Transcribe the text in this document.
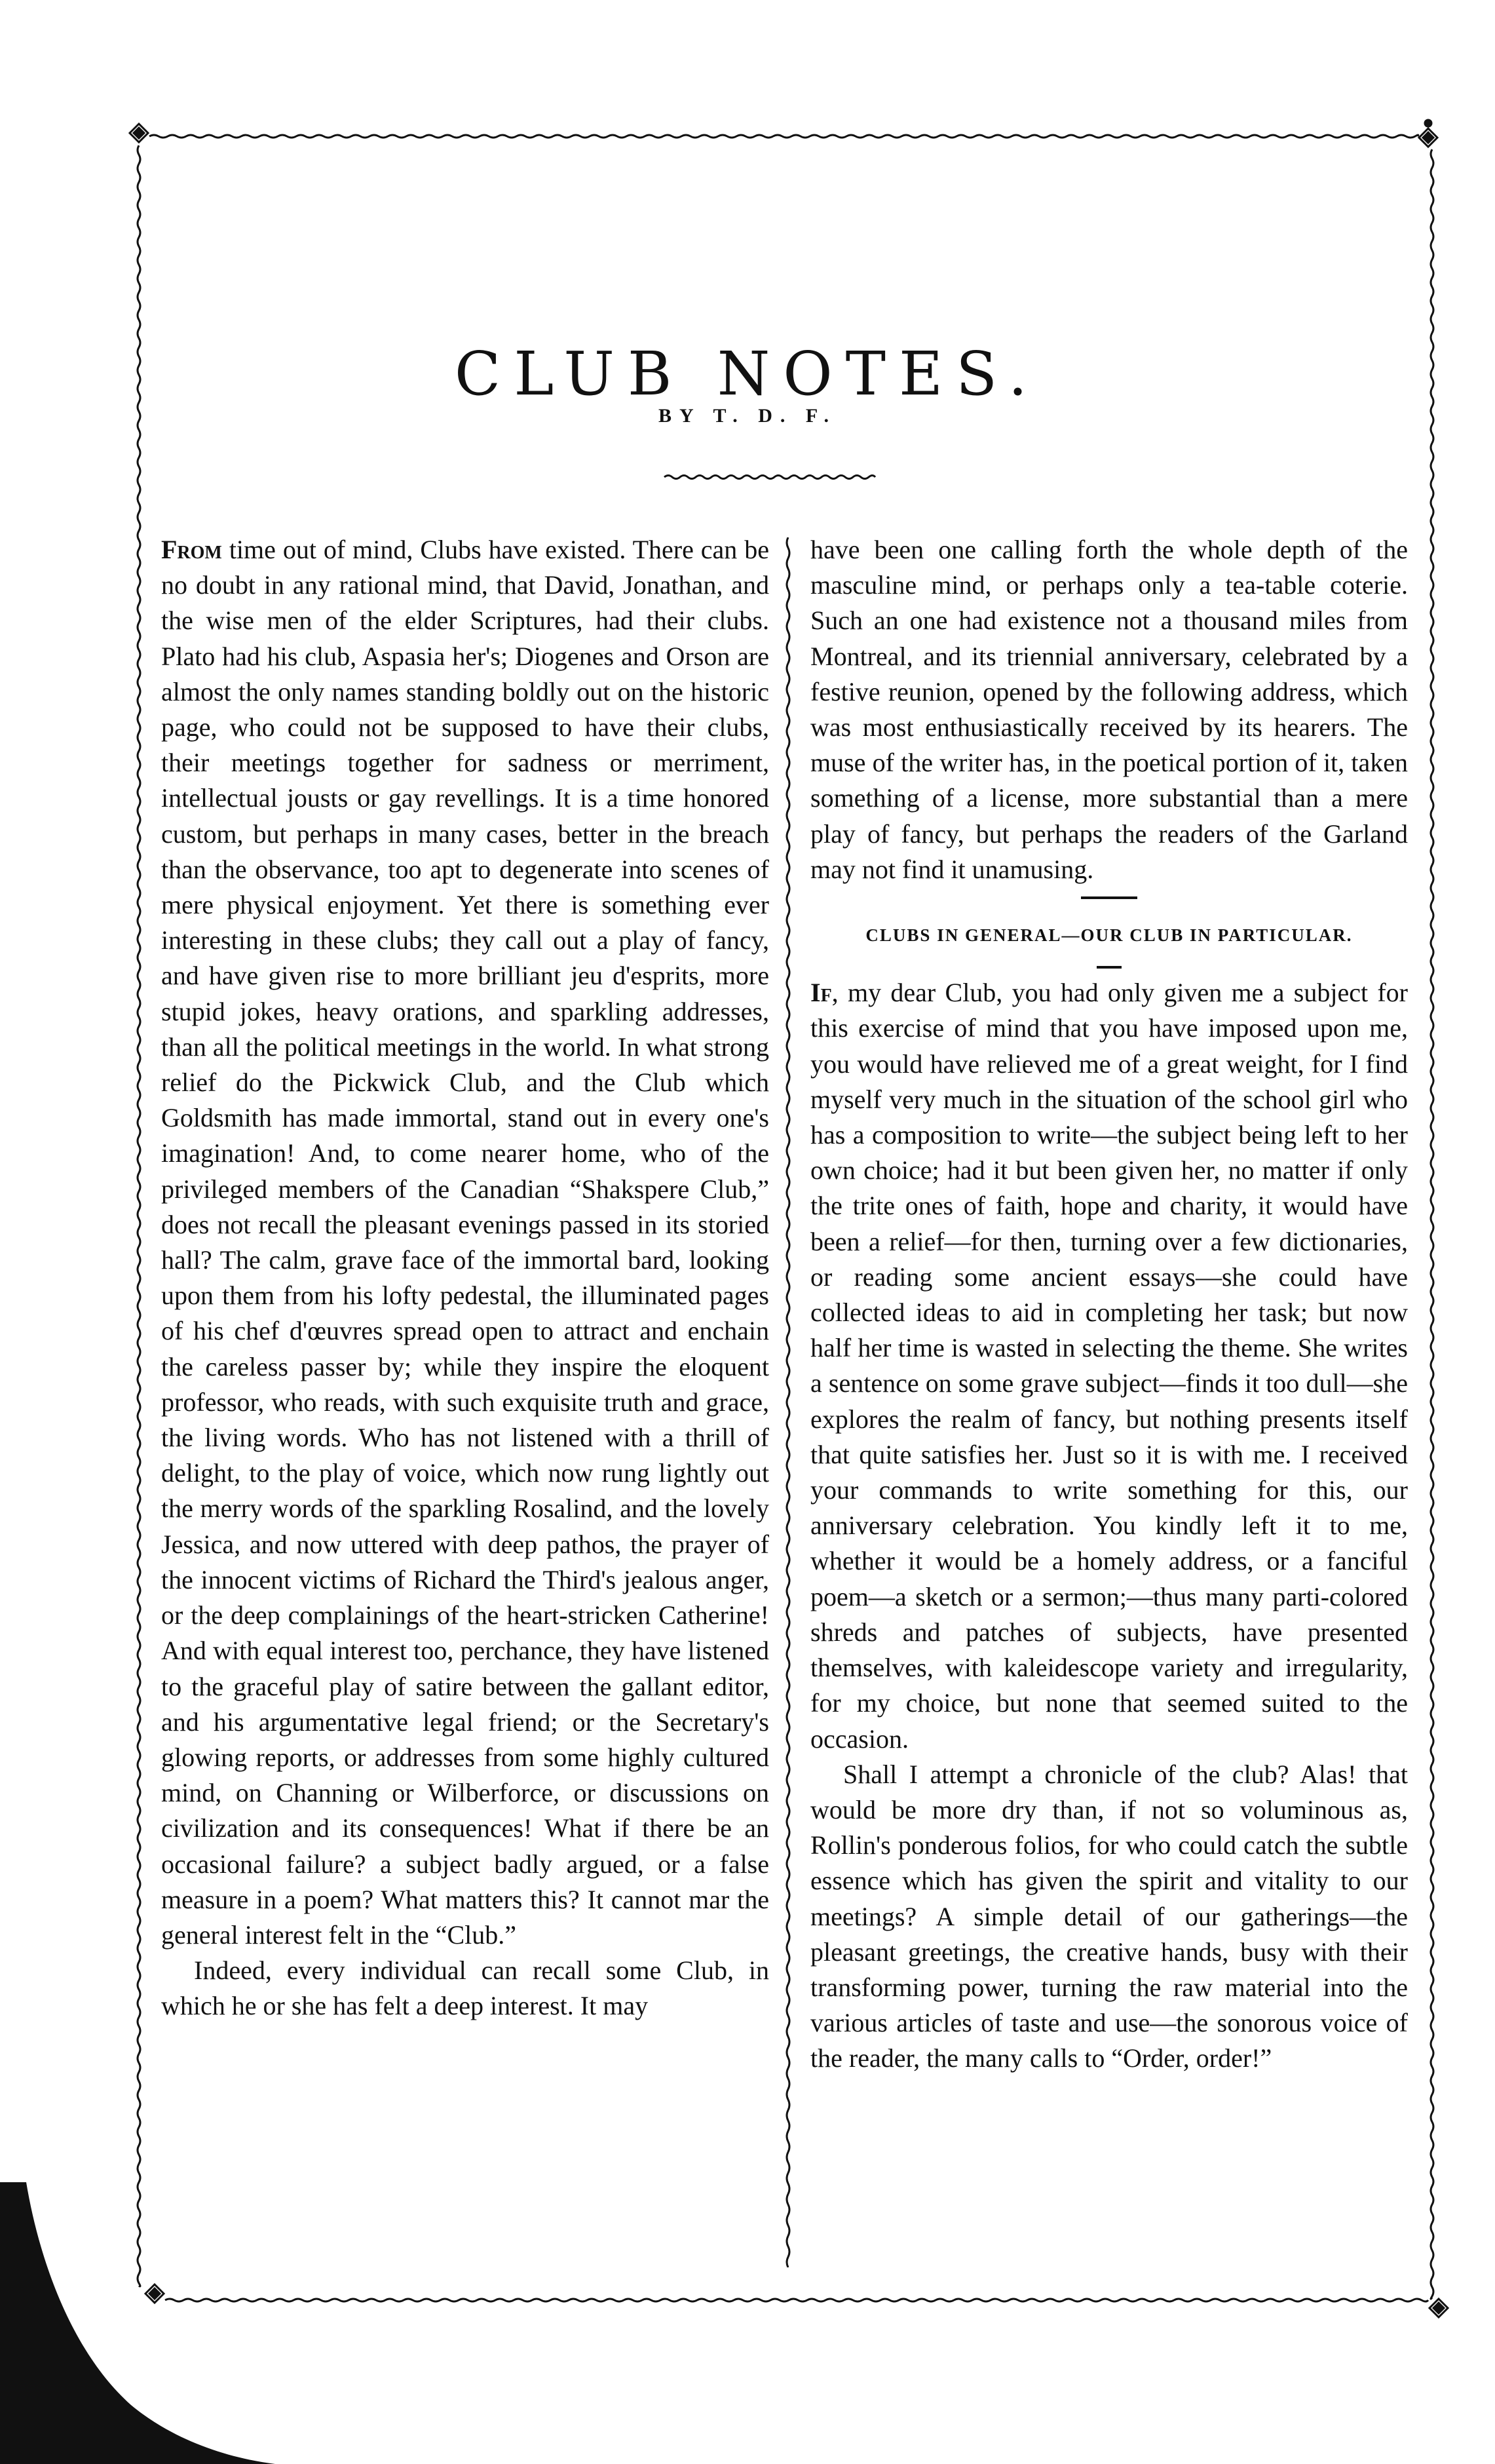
CLUB NOTES.
BY T. D. F.

From time out of mind, Clubs have existed. There can be no doubt in any rational mind, that David, Jonathan, and the wise men of the elder Scriptures, had their clubs. Plato had his club, Aspasia her's; Diogenes and Orson are almost the only names standing boldly out on the historic page, who could not be supposed to have their clubs, their meetings together for sadness or merriment, intellectual jousts or gay revellings. It is a time honored custom, but perhaps in many cases, better in the breach than the observance, too apt to degenerate into scenes of mere physical enjoyment. Yet there is something ever interesting in these clubs; they call out a play of fancy, and have given rise to more brilliant jeu d'esprits, more stupid jokes, heavy orations, and sparkling addresses, than all the political meetings in the world. In what strong relief do the Pickwick Club, and the Club which Goldsmith has made immortal, stand out in every one's imagination! And, to come nearer home, who of the privileged members of the Canadian “Shakspere Club,” does not recall the pleasant evenings passed in its storied hall? The calm, grave face of the immortal bard, looking upon them from his lofty pedestal, the illuminated pages of his chef d'œuvres spread open to attract and enchain the careless passer by; while they inspire the eloquent professor, who reads, with such exquisite truth and grace, the living words. Who has not listened with a thrill of delight, to the play of voice, which now rung lightly out the merry words of the sparkling Rosalind, and the lovely Jessica, and now uttered with deep pathos, the prayer of the innocent victims of Richard the Third's jealous anger, or the deep complainings of the heart-stricken Catherine! And with equal interest too, perchance, they have listened to the graceful play of satire between the gallant editor, and his argumentative legal friend; or the Secretary's glowing reports, or addresses from some highly cultured mind, on Channing or Wilberforce, or discussions on civilization and its consequences! What if there be an occasional failure? a subject badly argued, or a false measure in a poem? What matters this? It cannot mar the general interest felt in the “Club.”

Indeed, every individual can recall some Club, in which he or she has felt a deep interest. It may

have been one calling forth the whole depth of the masculine mind, or perhaps only a tea-table coterie. Such an one had existence not a thousand miles from Montreal, and its triennial anniversary, celebrated by a festive reunion, opened by the following address, which was most enthusiastically received by its hearers. The muse of the writer has, in the poetical portion of it, taken something of a license, more substantial than a mere play of fancy, but perhaps the readers of the Garland may not find it unamusing.

CLUBS IN GENERAL—OUR CLUB IN PARTICULAR.

If, my dear Club, you had only given me a subject for this exercise of mind that you have imposed upon me, you would have relieved me of a great weight, for I find myself very much in the situation of the school girl who has a composition to write—the subject being left to her own choice; had it but been given her, no matter if only the trite ones of faith, hope and charity, it would have been a relief—for then, turning over a few dictionaries, or reading some ancient essays—she could have collected ideas to aid in completing her task; but now half her time is wasted in selecting the theme. She writes a sentence on some grave subject—finds it too dull—she explores the realm of fancy, but nothing presents itself that quite satisfies her. Just so it is with me. I received your commands to write something for this, our anniversary celebration. You kindly left it to me, whether it would be a homely address, or a fanciful poem—a sketch or a sermon;—thus many parti-colored shreds and patches of subjects, have presented themselves, with kaleidescope variety and irregularity, for my choice, but none that seemed suited to the occasion.

Shall I attempt a chronicle of the club? Alas! that would be more dry than, if not so voluminous as, Rollin's ponderous folios, for who could catch the subtle essence which has given the spirit and vitality to our meetings? A simple detail of our gatherings—the pleasant greetings, the creative hands, busy with their transforming power, turning the raw material into the various articles of taste and use—the sonorous voice of the reader, the many calls to “Order, order!”
